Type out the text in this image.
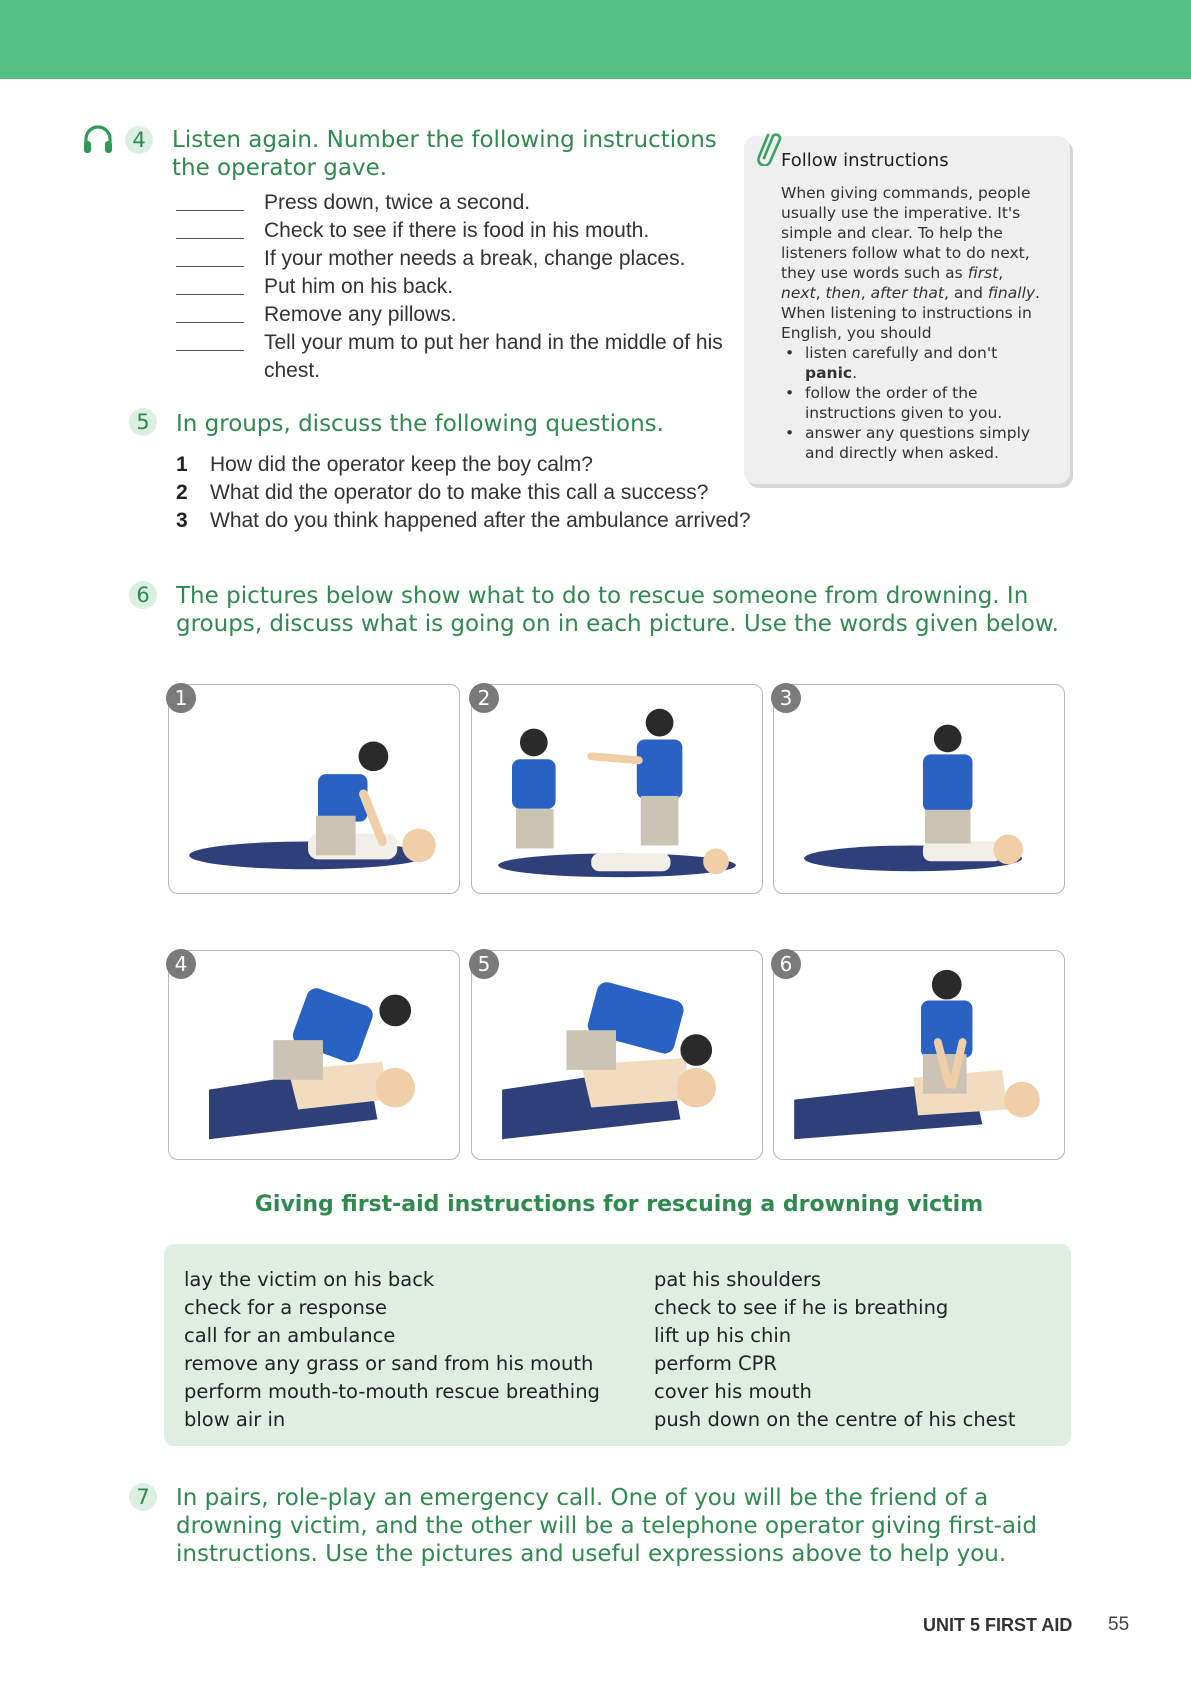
4	Listen again. Number the following instructions the operator gave.
Press down, twice a second.
Check to see if there is food in his mouth.
If your mother needs a break, change places.
Put him on his back.
Remove any pillows.
Tell your mum to put her hand in the middle of his chest.
Follow instructions
When giving commands, people usually use the imperative. It's simple and clear. To help the listeners follow what to do next, they use words such as first, next, then, after that, and finally.
When listening to instructions in English, you should
• listen carefully and don't panic.
• follow the order of the instructions given to you.
• answer any questions simply and directly when asked.
5	In groups, discuss the following questions.
1	How did the operator keep the boy calm?
2	What did the operator do to make this call a success?
3	What do you think happened after the ambulance arrived?
6	The pictures below show what to do to rescue someone from drowning. In groups, discuss what is going on in each picture. Use the words given below.
1	2	3
4	5	6
Giving first-aid instructions for rescuing a drowning victim
lay the victim on his back
check for a response
call for an ambulance
remove any grass or sand from his mouth
perform mouth-to-mouth rescue breathing
blow air in
pat his shoulders
check to see if he is breathing
lift up his chin
perform CPR
cover his mouth
push down on the centre of his chest
7	In pairs, role-play an emergency call. One of you will be the friend of a drowning victim, and the other will be a telephone operator giving first-aid instructions. Use the pictures and useful expressions above to help you.
UNIT 5 FIRST AID 55
